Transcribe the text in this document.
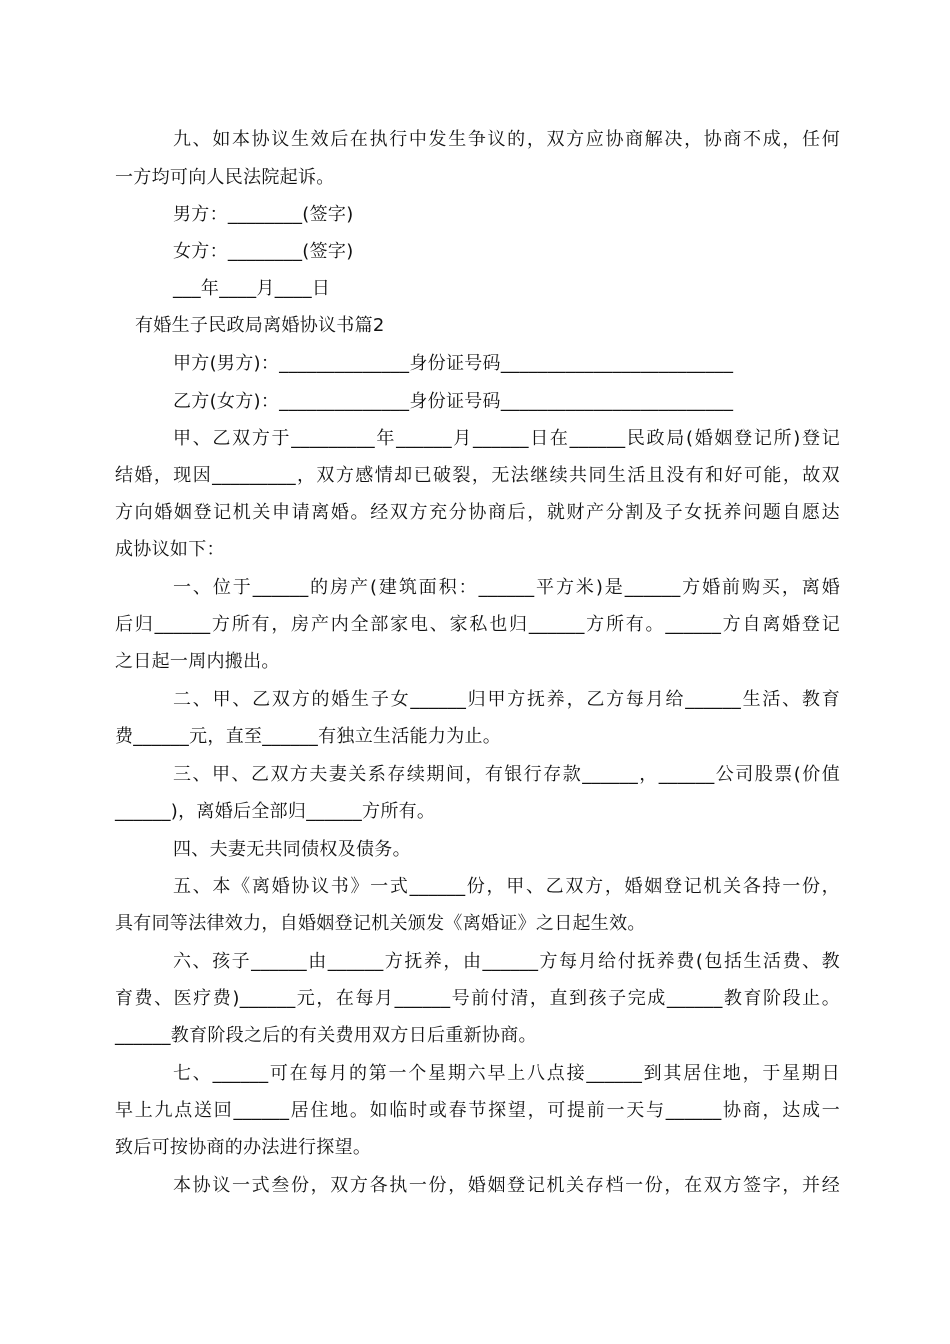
九、如本协议生效后在执行中发生争议的，双方应协商解决，协商不成，任何
一方均可向人民法院起诉。
男方：________(签字)
女方：________(签字)
___年____月____日
有婚生子民政局离婚协议书篇2
甲方(男方)：______________身份证号码_________________________
乙方(女方)：______________身份证号码_________________________
甲、乙双方于_________年______月______日在______民政局(婚姻登记所)登记
结婚，现因_________，双方感情却已破裂，无法继续共同生活且没有和好可能，故双
方向婚姻登记机关申请离婚。经双方充分协商后，就财产分割及子女抚养问题自愿达
成协议如下：
一、位于______的房产(建筑面积：______平方米)是______方婚前购买，离婚
后归______方所有，房产内全部家电、家私也归______方所有。______方自离婚登记
之日起一周内搬出。
二、甲、乙双方的婚生子女______归甲方抚养，乙方每月给______生活、教育
费______元，直至______有独立生活能力为止。
三、甲、乙双方夫妻关系存续期间，有银行存款______，______公司股票(价值
______)，离婚后全部归______方所有。
四、夫妻无共同债权及债务。
五、本《离婚协议书》一式______份，甲、乙双方，婚姻登记机关各持一份，
具有同等法律效力，自婚姻登记机关颁发《离婚证》之日起生效。
六、孩子______由______方抚养，由______方每月给付抚养费(包括生活费、教
育费、医疗费)______元，在每月______号前付清，直到孩子完成______教育阶段止。
______教育阶段之后的有关费用双方日后重新协商。
七、______可在每月的第一个星期六早上八点接______到其居住地，于星期日
早上九点送回______居住地。如临时或春节探望，可提前一天与______协商，达成一
致后可按协商的办法进行探望。
本协议一式叁份，双方各执一份，婚姻登记机关存档一份，在双方签字，并经
